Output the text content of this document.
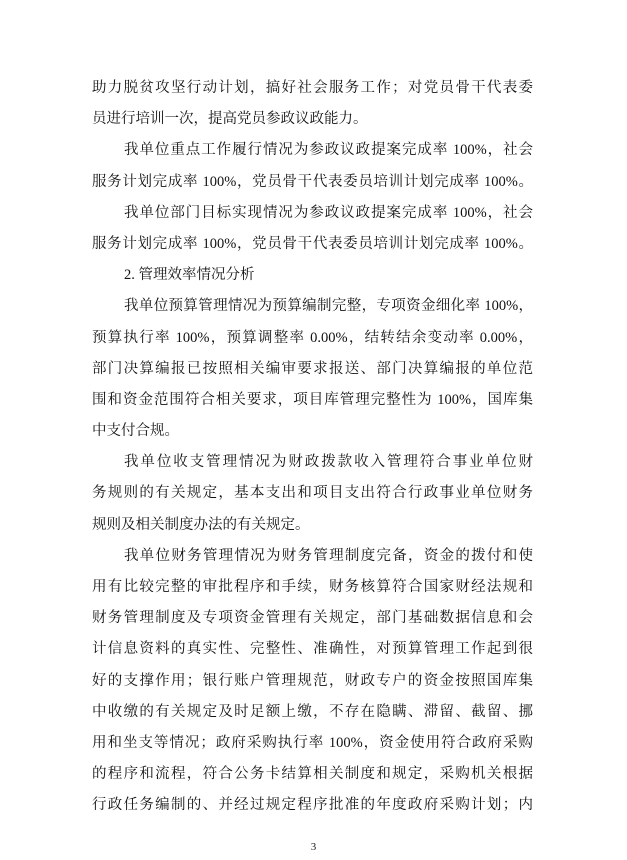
助力脱贫攻坚行动计划，搞好社会服务工作；对党员骨干代表委
员进行培训一次，提高党员参政议政能力。
我单位重点工作履行情况为参政议政提案完成率 100%，社会
服务计划完成率 100%，党员骨干代表委员培训计划完成率 100%。
我单位部门目标实现情况为参政议政提案完成率 100%，社会
服务计划完成率 100%，党员骨干代表委员培训计划完成率 100%。
2. 管理效率情况分析
我单位预算管理情况为预算编制完整，专项资金细化率 100%，
预算执行率 100%，预算调整率 0.00%，结转结余变动率 0.00%，
部门决算编报已按照相关编审要求报送、部门决算编报的单位范
围和资金范围符合相关要求，项目库管理完整性为 100%，国库集
中支付合规。
我单位收支管理情况为财政拨款收入管理符合事业单位财
务规则的有关规定，基本支出和项目支出符合行政事业单位财务
规则及相关制度办法的有关规定。
我单位财务管理情况为财务管理制度完备，资金的拨付和使
用有比较完整的审批程序和手续，财务核算符合国家财经法规和
财务管理制度及专项资金管理有关规定，部门基础数据信息和会
计信息资料的真实性、完整性、准确性，对预算管理工作起到很
好的支撑作用；银行账户管理规范，财政专户的资金按照国库集
中收缴的有关规定及时足额上缴，不存在隐瞒、滞留、截留、挪
用和坐支等情况；政府采购执行率 100%，资金使用符合政府采购
的程序和流程，符合公务卡结算相关制度和规定，采购机关根据
行政任务编制的、并经过规定程序批准的年度政府采购计划；内
3
